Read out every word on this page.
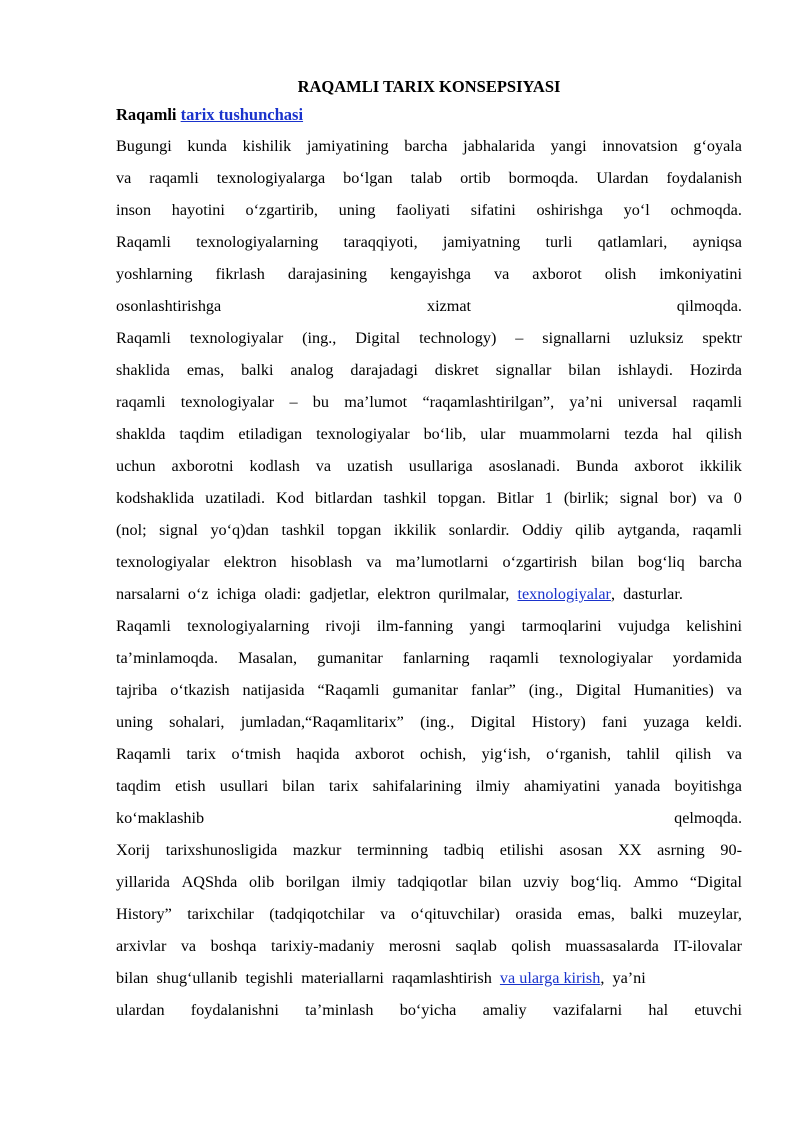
RAQAMLI TARIX KONSEPSIYASI
Raqamli tarix tushunchasi
Bugungi kunda kishilik jamiyatining barcha jabhalarida yangi innovatsion g‘oyala
va raqamli texnologiyalarga bo‘lgan talab ortib bormoqda. Ulardan foydalanish
inson hayotini o‘zgartirib, uning faoliyati sifatini oshirishga yo‘l ochmoqda.
Raqamli texnologiyalarning taraqqiyoti, jamiyatning turli qatlamlari, ayniqsa
yoshlarning fikrlash darajasining kengayishga va axborot olish imkoniyatini
osonlashtirishga	xizmat	qilmoqda.
Raqamli texnologiyalar (ing., Digital technology) – signallarni uzluksiz spektr
shaklida emas, balki analog darajadagi diskret signallar bilan ishlaydi. Hozirda
raqamli texnologiyalar – bu ma’lumot “raqamlashtirilgan”, ya’ni universal raqamli
shaklda taqdim etiladigan texnologiyalar bo‘lib, ular muammolarni tezda hal qilish
uchun axborotni kodlash va uzatish usullariga asoslanadi. Bunda axborot ikkilik
kodshaklida uzatiladi. Kod bitlardan tashkil topgan. Bitlar 1 (birlik; signal bor) va 0
(nol; signal yo‘q)dan tashkil topgan ikkilik sonlardir. Oddiy qilib aytganda, raqamli
texnologiyalar elektron hisoblash va ma’lumotlarni o‘zgartirish bilan bog‘liq barcha
narsalarni  o‘z  ichiga  oladi:  gadjetlar,  elektron  qurilmalar, texnologiyalar ,  dasturlar.
Raqamli texnologiyalarning rivoji ilm-fanning yangi tarmoqlarini vujudga kelishini
ta’minlamoqda. Masalan, gumanitar fanlarning raqamli texnologiyalar yordamida
tajriba o‘tkazish natijasida “Raqamli gumanitar fanlar” (ing., Digital Humanities) va
uning sohalari, jumladan,“Raqamlitarix” (ing., Digital History) fani yuzaga keldi.
Raqamli tarix o‘tmish haqida axborot ochish, yig‘ish, o‘rganish, tahlil qilish va
taqdim etish usullari bilan tarix sahifalarining ilmiy ahamiyatini yanada boyitishga
ko‘maklashib	qelmoqda.
Xorij tarixshunosligida mazkur terminning tadbiq etilishi asosan XX asrning 90-
yillarida AQShda olib borilgan ilmiy tadqiqotlar bilan uzviy bog‘liq. Ammo “Digital
History” tarixchilar (tadqiqotchilar va o‘qituvchilar) orasida emas, balki muzeylar,
arxivlar va boshqa tarixiy-madaniy merosni saqlab qolish muassasalarda IT-ilovalar
bilan  shug‘ullanib  tegishli  materiallarni  raqamlashtirish va ularga kirish ,  ya’ni
ulardan foydalanishni ta’minlash bo‘yicha amaliy vazifalarni hal etuvchi
